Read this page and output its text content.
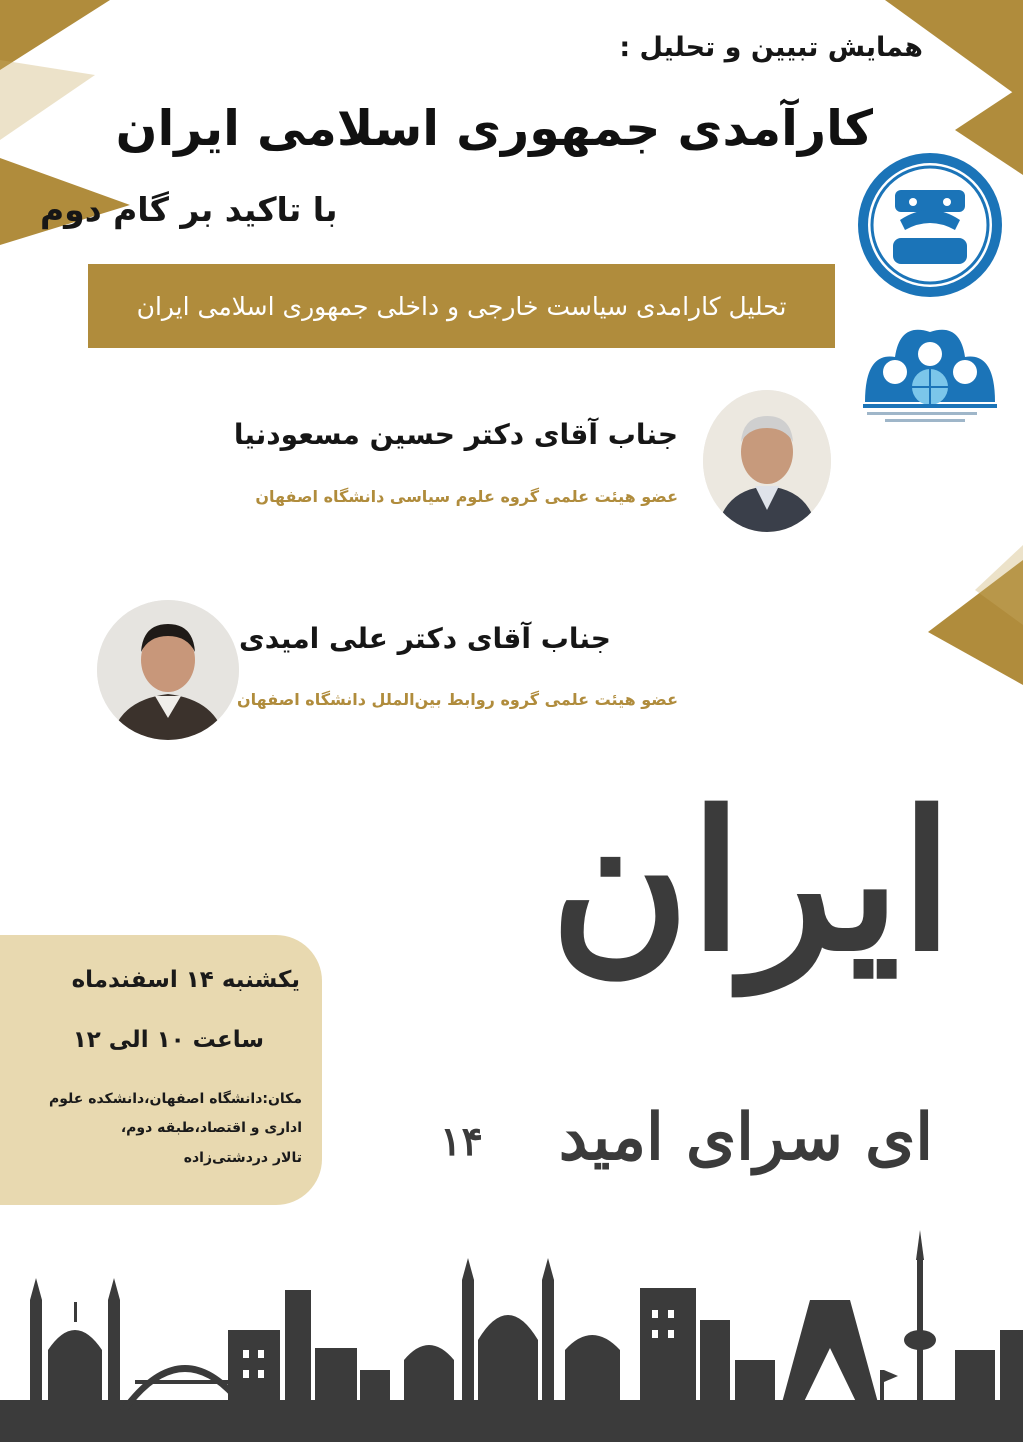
همایش تبیین و تحلیل :
کارآمدی جمهوری اسلامی ایران
با تاکید بر گام دوم
تحلیل کارامدی سیاست خارجی و داخلی جمهوری اسلامی ایران
جناب آقای دکتر حسین مسعودنیا
عضو هیئت علمی گروه علوم سیاسی دانشگاه اصفهان
جناب آقای دکتر علی امیدی
عضو هیئت علمی گروه روابط بین‌الملل دانشگاه اصفهان
یکشنبه ۱۴ اسفندماه
ساعت ۱۰ الی ۱۲
مکان:دانشگاه اصفهان،دانشکده علوم
اداری و اقتصاد،طبقه دوم،
تالار دردشتی‌زاده
ایران
ای سرای امید
۱۴
